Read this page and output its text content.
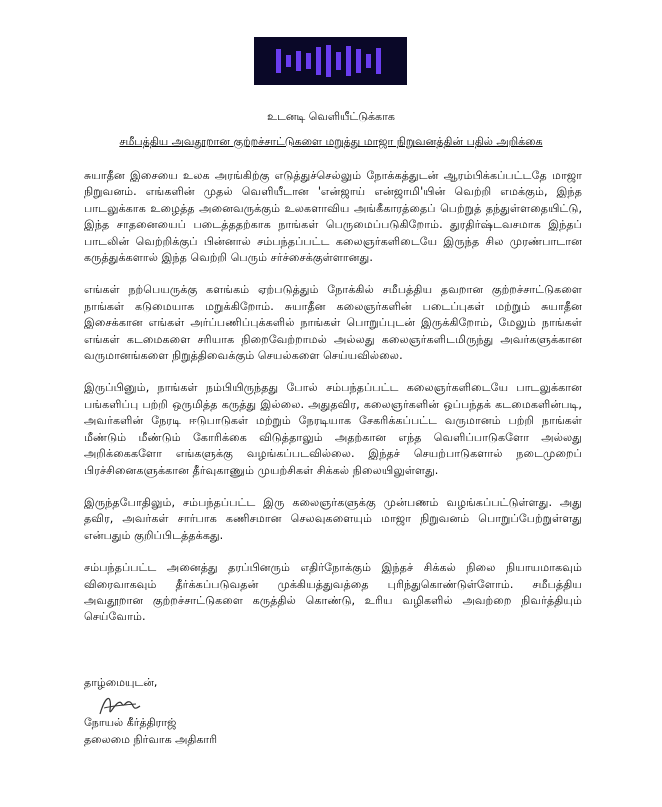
உடனடி வெளியீட்டுக்காக
சமீபத்திய அவதூறான குற்றச்சாட்டுகளை மறுத்து மாஜா நிறுவனத்தின் பதில் அறிக்கை

சுயாதீன இசையை உலக அரங்கிற்கு எடுத்துச்செல்லும் நோக்கத்துடன் ஆரம்பிக்கப்பட்டதே மாஜா நிறுவனம். எங்களின் முதல் வெளியீடான 'என்ஜாய் என்ஜாமி'யின் வெற்றி எமக்கும், இந்த பாடலுக்காக உழைத்த அனைவருக்கும் உலகளாவிய அங்கீகாரத்தைப் பெற்றுத் தந்துள்ளதையிட்டு, இந்த சாதனையைப் படைத்ததற்காக நாங்கள் பெருமைப்படுகிறோம். துரதிர்ஷ்டவசமாக இந்தப் பாடலின் வெற்றிக்குப் பின்னால் சம்பந்தப்பட்ட கலைஞர்களிடையே இருந்த சில முரண்பாடான கருத்துக்களால் இந்த வெற்றி பெரும் சர்ச்சைக்குள்ளானது.

எங்கள் நற்பெயருக்கு களங்கம் ஏற்படுத்தும் நோக்கில் சமீபத்திய தவறான குற்றச்சாட்டுகளை நாங்கள் கடுமையாக மறுக்கிறோம். சுயாதீன கலைஞர்களின் படைப்புகள் மற்றும் சுயாதீன இசைக்கான எங்கள் அர்ப்பணிப்புக்களில் நாங்கள் பொறுப்புடன் இருக்கிறோம், மேலும் நாங்கள் எங்கள் கடமைகளை சரியாக நிறைவேற்றாமல் அல்லது கலைஞர்களிடமிருந்து அவர்களுக்கான வருமானங்களை நிறுத்திவைக்கும் செயல்களை செய்யவில்லை.

இருப்பினும், நாங்கள் நம்பியிருந்தது போல் சம்பந்தப்பட்ட கலைஞர்களிடையே பாடலுக்கான பங்களிப்பு பற்றி ஒருமித்த கருத்து இல்லை. அதுதவிர, கலைஞர்களின் ஒப்பந்தக் கடமைகளின்படி, அவர்களின் நேரடி ஈடுபாடுகள் மற்றும் நேரடியாக சேகரிக்கப்பட்ட வருமானம் பற்றி நாங்கள் மீண்டும் மீண்டும் கோரிக்கை விடுத்தாலும் அதற்கான எந்த வெளிப்பாடுகளோ அல்லது அறிக்கைகளோ எங்களுக்கு வழங்கப்படவில்லை. இந்தச் செயற்பாடுகளால் நடைமுறைப் பிரச்சினைகளுக்கான தீர்வுகாணும் முயற்சிகள் சிக்கல் நிலையிலுள்ளது.

இருந்தபோதிலும், சம்பந்தப்பட்ட இரு கலைஞர்களுக்கு முன்பணம் வழங்கப்பட்டுள்ளது. அது தவிர, அவர்கள் சார்பாக கணிசமான செலவுகளையும் மாஜா நிறுவனம் பொறுப்பேற்றுள்ளது என்பதும் குறிப்பிடத்தக்கது.

சம்பந்தப்பட்ட அனைத்து தரப்பினரும் எதிர்நோக்கும் இந்தச் சிக்கல் நிலை நியாயமாகவும் விரைவாகவும் தீர்க்கப்படுவதன் முக்கியத்துவத்தை புரிந்துகொண்டுள்ளோம். சமீபத்திய அவதூறான குற்றச்சாட்டுகளை கருத்தில் கொண்டு, உரிய வழிகளில் அவற்றை நிவர்த்தியும் செய்வோம்.

தாழ்மையுடன்,
நோயல் கீர்த்திராஜ்
தலைமை நிர்வாக அதிகாரி
